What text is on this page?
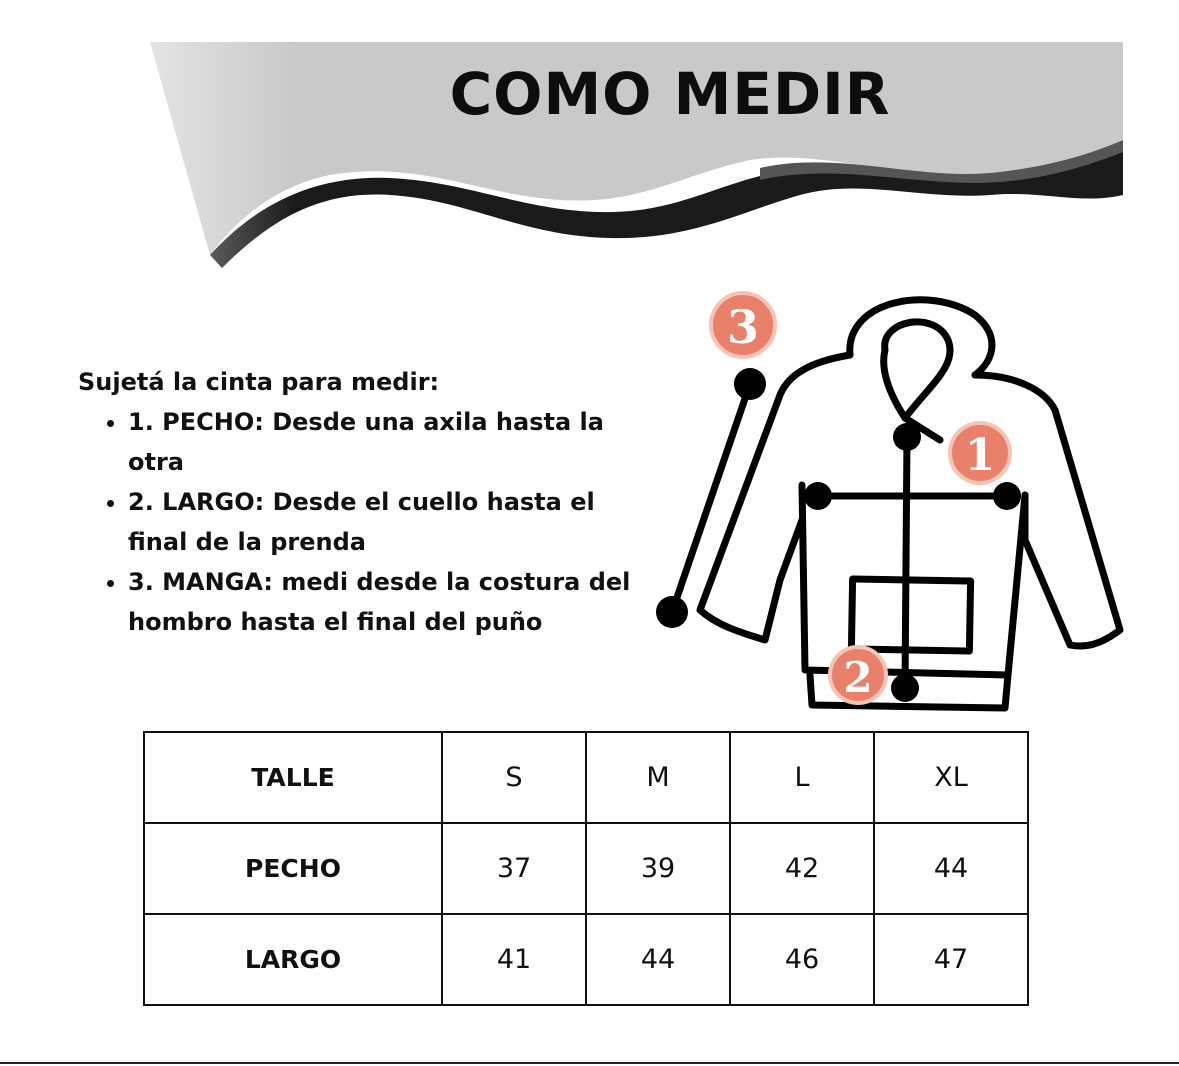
COMO MEDIR
Sujetá la cinta para medir:
• 1. PECHO: Desde una axila hasta la otra
• 2. LARGO: Desde el cuello hasta el final de la prenda
• 3. MANGA: medi desde la costura del hombro hasta el final del puño
1
2
3
TALLE	S	M	L	XL
PECHO	37	39	42	44
LARGO	41	44	46	47
